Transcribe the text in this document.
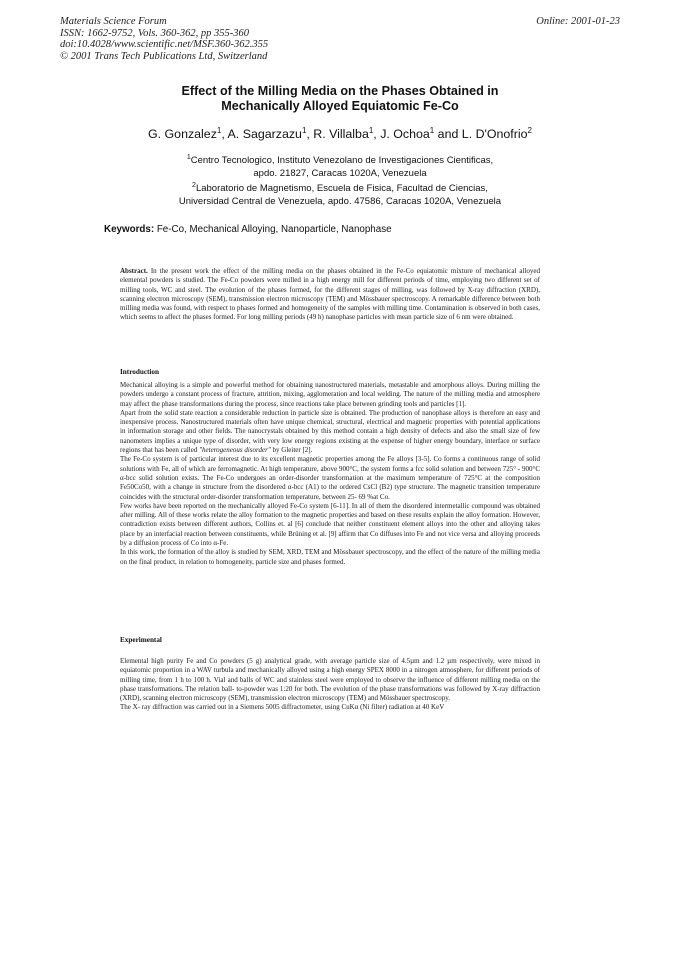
Materials Science Forum
ISSN: 1662-9752, Vols. 360-362, pp 355-360
doi:10.4028/www.scientific.net/MSF.360-362.355
© 2001 Trans Tech Publications Ltd, Switzerland
Online: 2001-01-23
Effect of the Milling Media on the Phases Obtained in
Mechanically Alloyed Equiatomic Fe-Co
G. Gonzalez$^1$, A. Sagarzazu$^1$, R. Villalba$^1$, J. Ochoa$^1$ and L. D'Onofrio$^2$
$^1$Centro Tecnologico, Instituto Venezolano de Investigaciones Cientificas,
apdo. 21827, Caracas 1020A, Venezuela
$^2$Laboratorio de Magnetismo, Escuela de Fisica, Facultad de Ciencias,
Universidad Central de Venezuela, apdo. 47586, Caracas 1020A, Venezuela
Keywords: Fe-Co, Mechanical Alloying, Nanoparticle, Nanophase

Abstract. In the present work the effect of the milling media on the phases obtained in the Fe-Co equiatomic mixture of mechanical alloyed elemental powders is studied. The Fe-Co powders were milled in a high energy mill for different periods of time, employing two different set of milling tools, WC and steel. The evolution of the phases formed, for the different stages of milling, was followed by X-ray diffraction (XRD), scanning electron microscopy (SEM), transmission electron microscopy (TEM) and Mössbauer spectroscopy. A remarkable difference between both milling media was found, with respect to phases formed and homogeneity of the samples with milling time. Contamination is observed in both cases, which seems to affect the phases formed. For long milling periods (49 h) nanophase particles with mean particle size of 6 nm were obtained.

Introduction

Mechanical alloying is a simple and powerful method for obtaining nanostructured materials, metastable and amorphous alloys. During milling the powders undergo a constant process of fracture, attrition, mixing, agglomeration and local welding. The nature of the milling media and atmosphere may affect the phase transformations during the process, since reactions take place between grinding tools and particles [1].

Apart from the solid state reaction a considerable reduction in particle size is obtained. The production of nanophase alloys is therefore an easy and inexpensive process. Nanostructured materials often have unique chemical, structural, electrical and magnetic properties with potential applications in information storage and other fields. The nanocrystals obtained by this method contain a high density of defects and also the small size of few nanometers implies a unique type of disorder, with very low energy regions existing at the expense of higher energy boundary, interface or surface regions that has been called "heterogeneous disorder" by Gleiter [2].

The Fe-Co system is of particular interest due to its excellent magnetic properties among the Fe alloys [3-5]. Co forms a continuous range of solid solutions with Fe, all of which are ferromagnetic. At high temperature, above 900°C, the system forms a fcc solid solution and between 725° - 900°C α-bcc solid solution exists. The Fe-Co undergoes an order-disorder transformation at the maximum temperature of 725°C at the composition Fe50Co50, with a change in structure from the disordered α-bcc (A1) to the ordered CsCl (B2) type structure. The magnetic transition temperature coincides with the structural order-disorder transformation temperature, between 25- 69 %at Co.

Few works have been reported on the mechanically alloyed Fe-Co system [6-11]. In all of them the disordered intermetallic compound was obtained after milling. All of these works relate the alloy formation to the magnetic properties and based on these results explain the alloy formation. However, contradiction exists between different authors, Collins et. al [6] conclude that neither constituent element alloys into the other and alloying takes place by an interfacial reaction between constituents, while Brüning et al. [9] affirm that Co diffuses into Fe and not vice versa and alloying proceeds by a diffusion process of Co into α-Fe.

In this work, the formation of the alloy is studied by SEM, XRD, TEM and Mössbauer spectroscopy, and the effect of the nature of the milling media on the final product, in relation to homogeneity, particle size and phases formed.

Experimental

Elemental high purity Fe and Co powders (5 g) analytical grade, with average particle size of 4.5µm and 1.2 µm respectively, were mixed in equiatomic proportion in a WAV turbula and mechanically alloyed using a high energy SPEX 8000 in a nitrogen atmosphere, for different periods of milling time, from 1 h to 100 h. Vial and balls of WC and stainless steel were employed to observe the influence of different milling media on the phase transformations. The relation ball- to-powder was 1:20 for both. The evolution of the phase transformations was followed by X-ray diffraction (XRD), scanning electron microscopy (SEM), transmission electron microscopy (TEM) and Mössbauer spectroscopy.

The X- ray diffraction was carried out in a Siemens 5005 diffractometer, using CuKα (Ni filter) radiation at 40 KeV
